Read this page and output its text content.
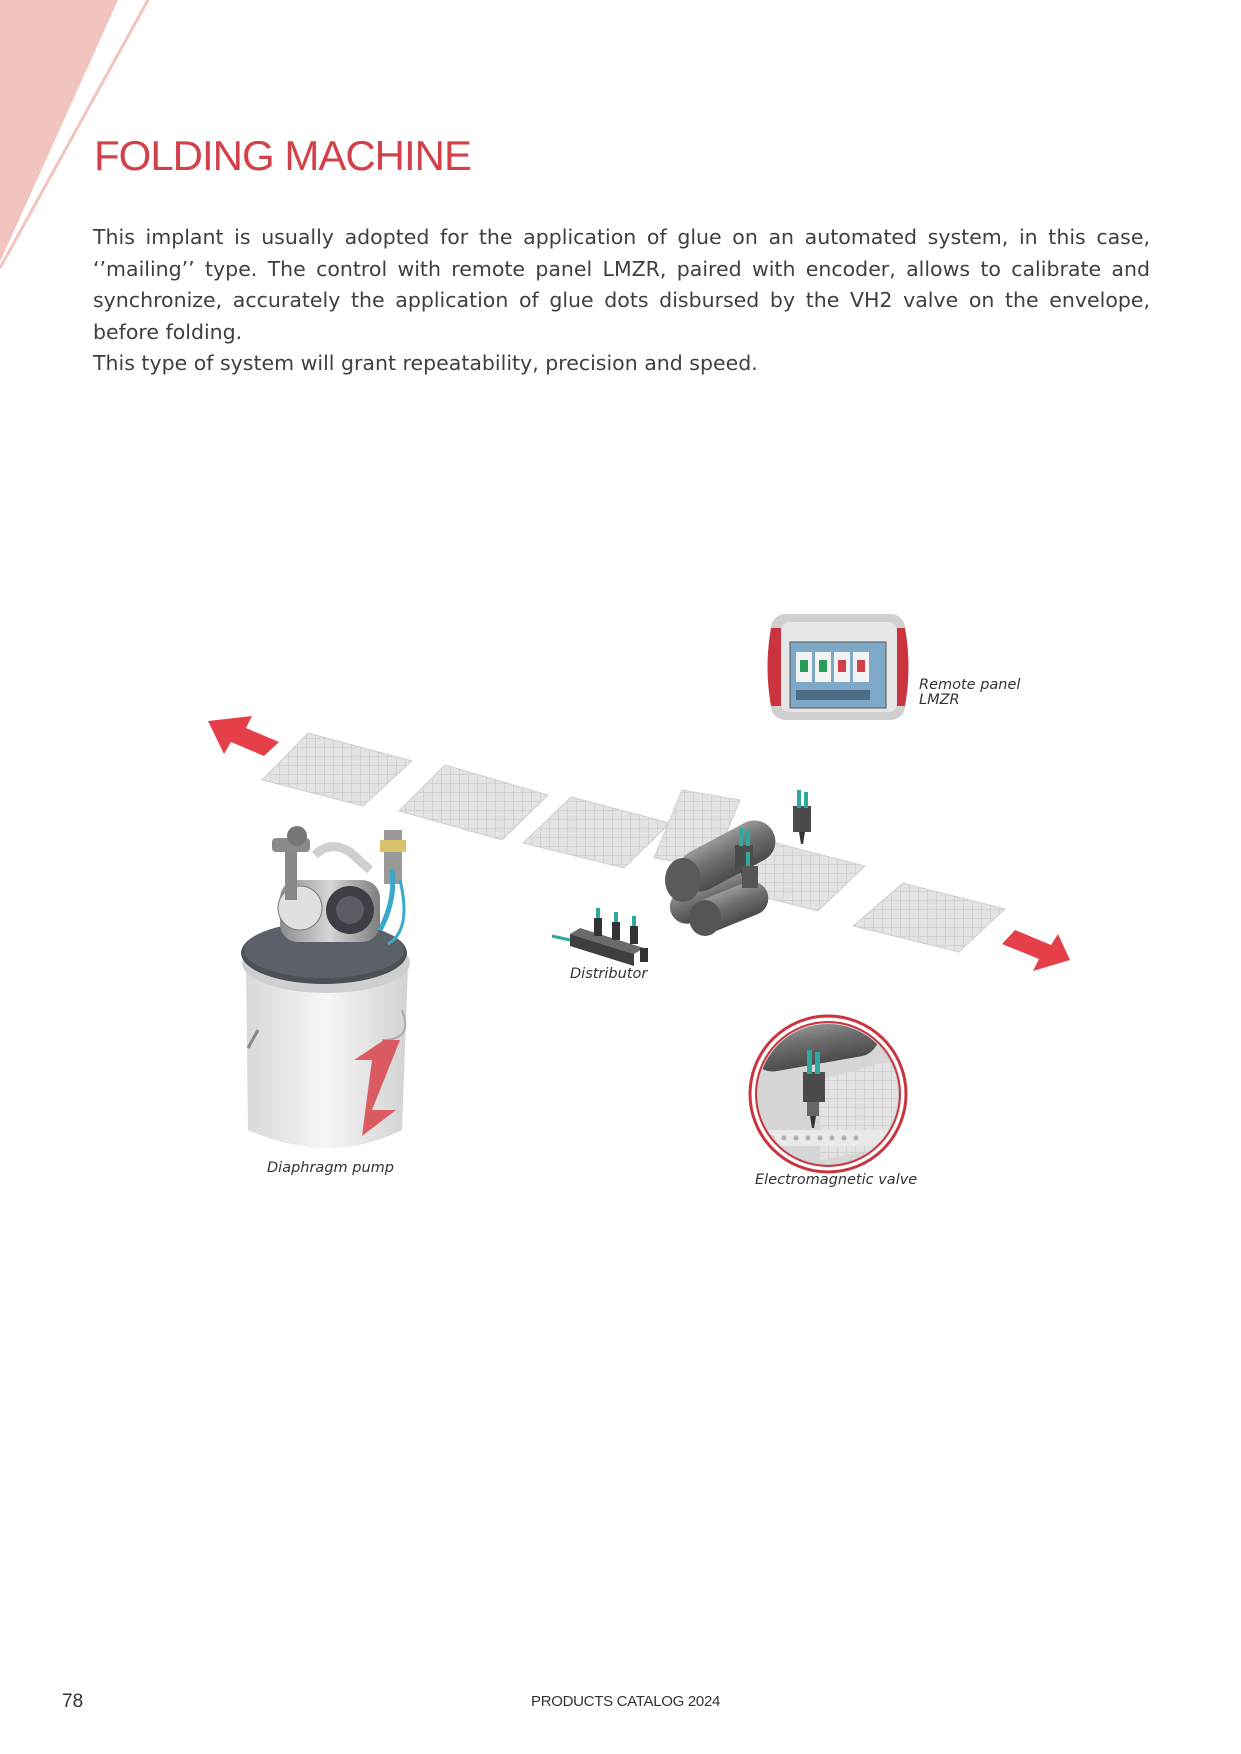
FOLDING MACHINE

This implant is usually adopted for the application of glue on an automated system, in this case, ‘’mailing’’ type. The control with remote panel LMZR, paired with encoder, allows to calibrate and synchronize, accurately the application of glue dots disbursed by the VH2 valve on the envelope, before folding.

This type of system will grant repeatability, precision and speed.

Remote panel
LMZR
Distributor
Diaphragm pump
Electromagnetic valve
78	PRODUCTS CATALOG 2024
